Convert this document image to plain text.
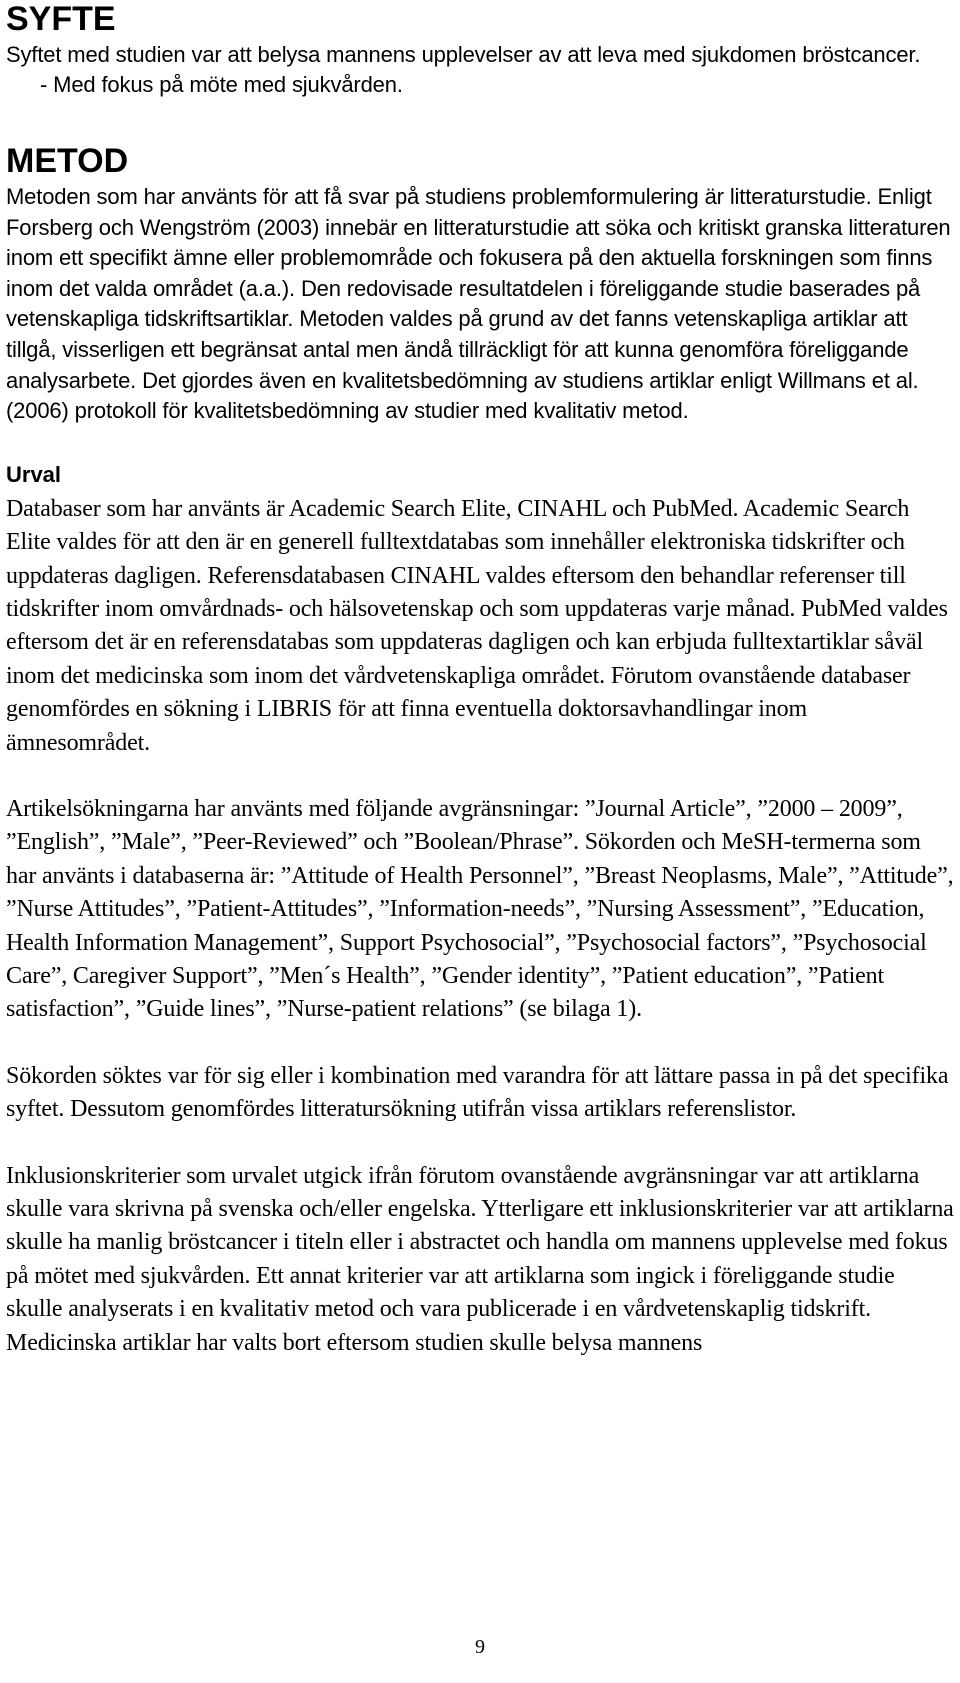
SYFTE

Syftet med studien var att belysa mannens upplevelser av att leva med sjukdomen bröstcancer.

- Med fokus på möte med sjukvården.

METOD

Metoden som har använts för att få svar på studiens problemformulering är litteraturstudie. Enligt Forsberg och Wengström (2003) innebär en litteraturstudie att söka och kritiskt granska litteraturen inom ett specifikt ämne eller problemområde och fokusera på den aktuella forskningen som finns inom det valda området (a.a.). Den redovisade resultatdelen i föreliggande studie baserades på vetenskapliga tidskriftsartiklar. Metoden valdes på grund av det fanns vetenskapliga artiklar att tillgå, visserligen ett begränsat antal men ändå tillräckligt för att kunna genomföra föreliggande analysarbete. Det gjordes även en kvalitetsbedömning av studiens artiklar enligt Willmans et al. (2006) protokoll för kvalitetsbedömning av studier med kvalitativ metod.

Urval

Databaser som har använts är Academic Search Elite, CINAHL och PubMed. Academic Search Elite valdes för att den är en generell fulltextdatabas som innehåller elektroniska tidskrifter och uppdateras dagligen. Referensdatabasen CINAHL valdes eftersom den behandlar referenser till tidskrifter inom omvårdnads- och hälsovetenskap och som uppdateras varje månad. PubMed valdes eftersom det är en referensdatabas som uppdateras dagligen och kan erbjuda fulltextartiklar såväl inom det medicinska som inom det vårdvetenskapliga området. Förutom ovanstående databaser genomfördes en sökning i LIBRIS för att finna eventuella doktorsavhandlingar inom ämnesområdet.

Artikelsökningarna har använts med följande avgränsningar: ”Journal Article”, ”2000 – 2009”, ”English”, ”Male”, ”Peer-Reviewed” och ”Boolean/Phrase”. Sökorden och MeSH-termerna som har använts i databaserna är: ”Attitude of Health Personnel”, ”Breast Neoplasms, Male”, ”Attitude”, ”Nurse Attitudes”, ”Patient-Attitudes”, ”Information-needs”, ”Nursing Assessment”, ”Education, Health Information Management”, Support Psychosocial”, ”Psychosocial factors”, ”Psychosocial Care”, Caregiver Support”, ”Men´s Health”, ”Gender identity”, ”Patient education”, ”Patient satisfaction”, ”Guide lines”, ”Nurse-patient relations” (se bilaga 1).

Sökorden söktes var för sig eller i kombination med varandra för att lättare passa in på det specifika syftet. Dessutom genomfördes litteratursökning utifrån vissa artiklars referenslistor.

Inklusionskriterier som urvalet utgick ifrån förutom ovanstående avgränsningar var att artiklarna skulle vara skrivna på svenska och/eller engelska. Ytterligare ett inklusionskriterier var att artiklarna skulle ha manlig bröstcancer i titeln eller i abstractet och handla om mannens upplevelse med fokus på mötet med sjukvården. Ett annat kriterier var att artiklarna som ingick i föreliggande studie skulle analyserats i en kvalitativ metod och vara publicerade i en vårdvetenskaplig tidskrift. Medicinska artiklar har valts bort eftersom studien skulle belysa mannens

9
